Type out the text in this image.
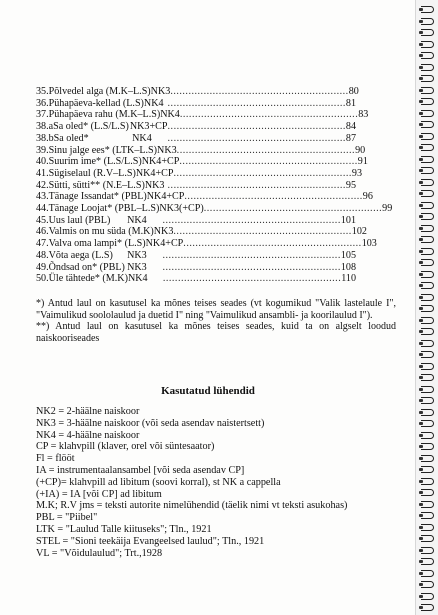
35. Põlvedel alga (M.K–L.S) NK3 ........................................................... 80
36. Pühapäeva-kellad (L.S) NK4 ........................................................... 81
37. Pühapäeva rahu (M.K–L.S) NK4 ........................................................... 83
38.a Sa oled* (L.S/L.S) NK3+CP ........................................................... 84
38.b Sa oled*	NK4	........................................................... 87
39. Sinu jalge ees* (LTK–L.S) NK3 ........................................................... 90
40. Suurim ime* (L.S/L.S) NK4+CP ........................................................... 91
41. Sügiselaul (R.V–L.S) NK4+CP ........................................................... 93
42. Sütti, sütti** (N.E–L.S) NK3 ........................................................... 95
43. Tänage Issandat* (PBL) NK4+CP ........................................................... 96
44. Tänage Loojat* (PBL–L.S) NK3(+CP) ........................................................... 99
45. Uus laul (PBL)	NK4	........................................................... 101
46. Valmis on mu süda (M.K) NK3 ........................................................... 102
47. Valva oma lampi* (L.S) NK4+CP ........................................................... 103
48. Võta aega (L.S)	NK3	........................................................... 105
49. Õndsad on* (PBL) NK3	........................................................... 108
50. Üle tähtede* (M.K) NK4	........................................................... 110

*) Antud laul on kasutusel ka mõnes teises seades (vt kogumikud "Valik lastelaule I", "Vaimulikud soololaulud ja duetid I" ning "Vaimulikud ansambli- ja koorilaulud I").

**) Antud laul on kasutusel ka mõnes teises seades, kuid ta on algselt loodud naiskooriseades

Kasutatud lühendid
NK2 = 2-häälne naiskoor
NK3 = 3-häälne naiskoor (või seda asendav naistertsett)
NK4 = 4-häälne naiskoor
CP = klahvpill (klaver, orel või süntesaator)
Fl = flööt
IA = instrumentaalansambel [või seda asendav CP]
(+CP)= klahvpill ad libitum (soovi korral), st NK a cappella
(+IA) = IA [või CP] ad libitum
M.K; R.V jms = teksti autorite nimelühendid (täelik nimi vt teksti asukohas)
PBL = "Piibel"
LTK = "Laulud Talle kiituseks"; Tln., 1921
STEL = "Sioni teekäija Evangeelsed laulud"; Tln., 1921
VL = "Võidulaulud"; Trt.,1928
